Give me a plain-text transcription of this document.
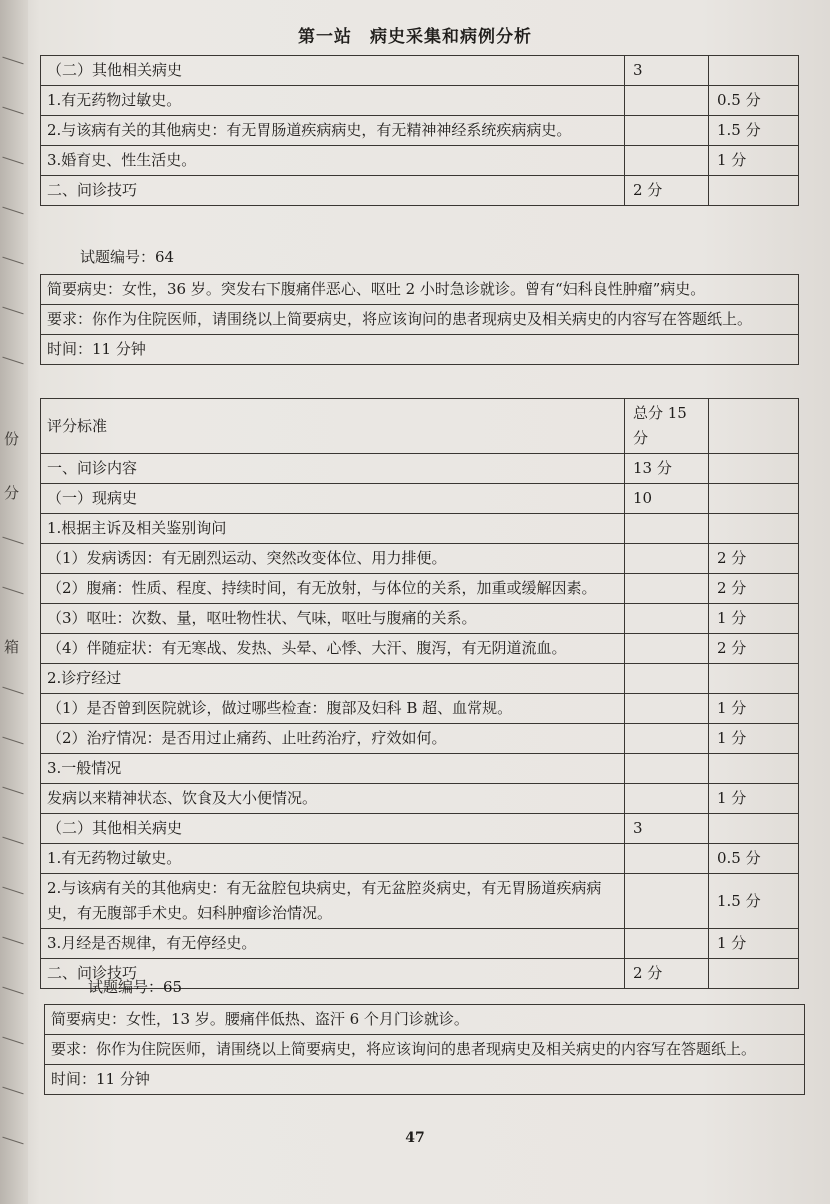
份
分
箱
第一站　病史采集和病例分析
（二）其他相关病史	3	
1.有无药物过敏史。		0.5 分
2.与该病有关的其他病史：有无胃肠道疾病病史，有无精神神经系统疾病病史。		1.5 分
3.婚育史、性生活史。		1 分
二、问诊技巧	2 分	
试题编号：64
简要病史：女性，36 岁。突发右下腹痛伴恶心、呕吐 2 小时急诊就诊。曾有“妇科良性肿瘤”病史。
要求：你作为住院医师，请围绕以上简要病史，将应该询问的患者现病史及相关病史的内容写在答题纸上。
时间：11 分钟
评分标准	总分 15 分	
一、问诊内容	13 分	
（一）现病史	10	
1.根据主诉及相关鉴别询问		
（1）发病诱因：有无剧烈运动、突然改变体位、用力排便。		2 分
（2）腹痛：性质、程度、持续时间，有无放射，与体位的关系，加重或缓解因素。		2 分
（3）呕吐：次数、量，呕吐物性状、气味，呕吐与腹痛的关系。		1 分
（4）伴随症状：有无寒战、发热、头晕、心悸、大汗、腹泻，有无阴道流血。		2 分
2.诊疗经过		
（1）是否曾到医院就诊，做过哪些检查：腹部及妇科 B 超、血常规。		1 分
（2）治疗情况：是否用过止痛药、止吐药治疗，疗效如何。		1 分
3.一般情况		
发病以来精神状态、饮食及大小便情况。		1 分
（二）其他相关病史	3	
1.有无药物过敏史。		0.5 分
2.与该病有关的其他病史：有无盆腔包块病史，有无盆腔炎病史，有无胃肠道疾病病史，有无腹部手术史。妇科肿瘤诊治情况。		1.5 分
3.月经是否规律，有无停经史。		1 分
二、问诊技巧	2 分	
试题编号：65
简要病史：女性，13 岁。腰痛伴低热、盗汗 6 个月门诊就诊。
要求：你作为住院医师，请围绕以上简要病史，将应该询问的患者现病史及相关病史的内容写在答题纸上。
时间：11 分钟
47
